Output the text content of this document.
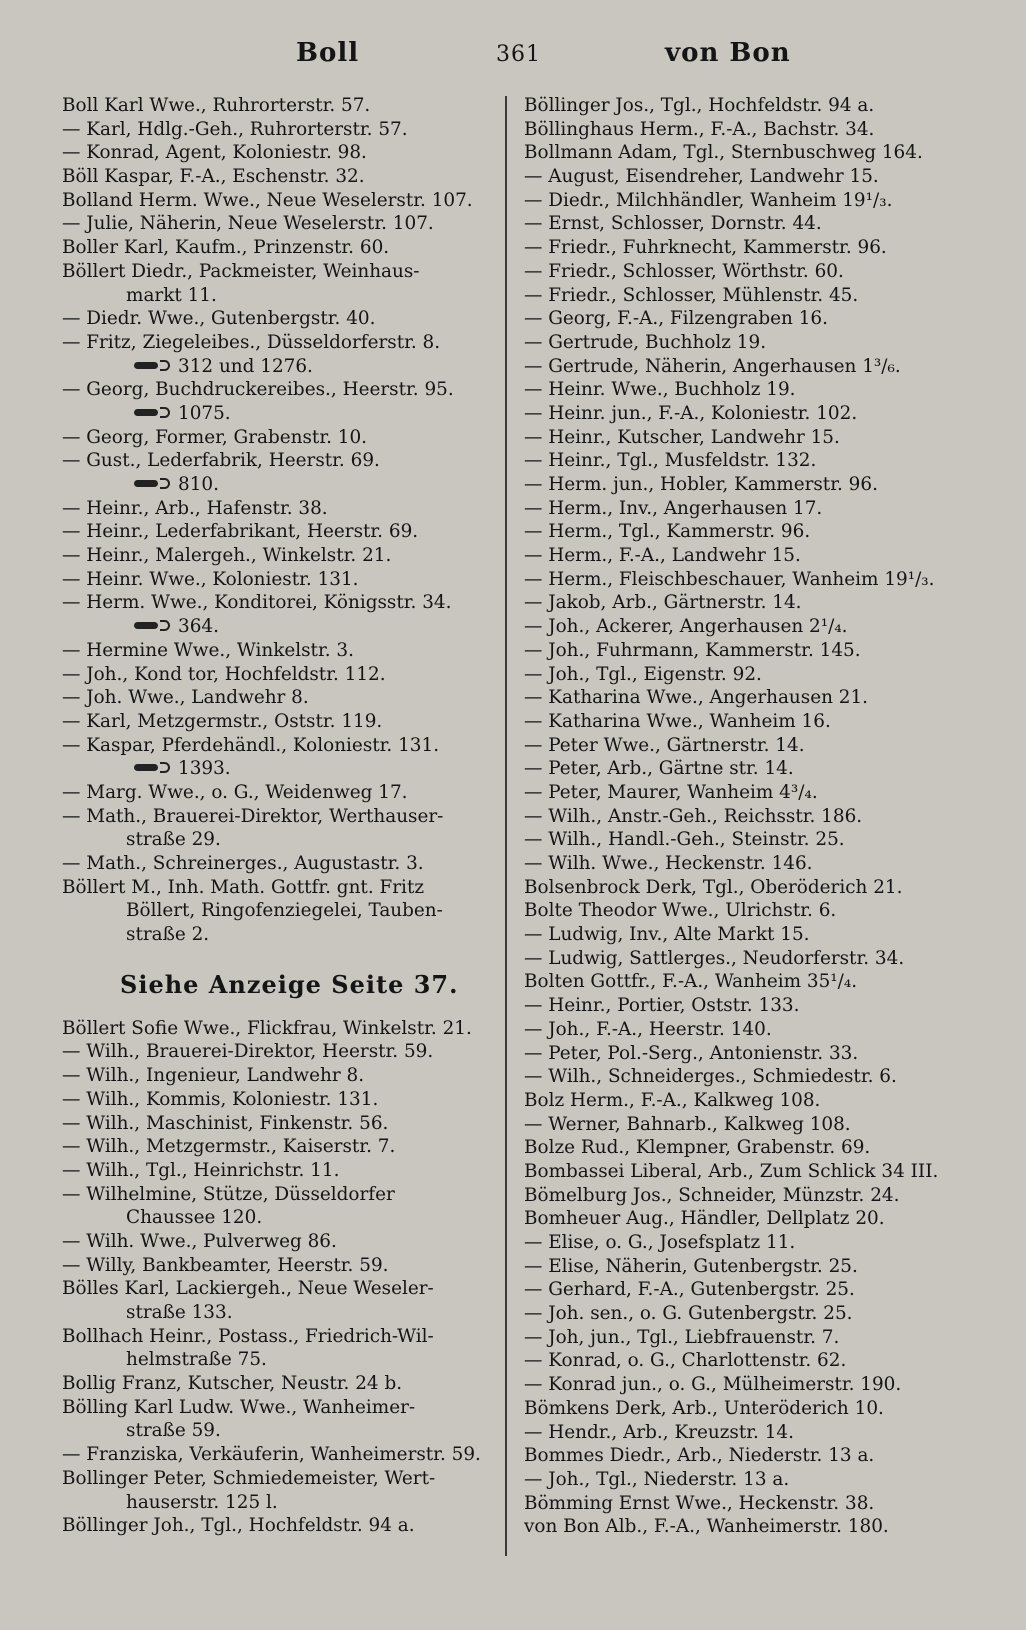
Boll	361	von Bon
Boll Karl Wwe., Ruhrorterstr. 57.
— Karl, Hdlg.-Geh., Ruhrorterstr. 57.
— Konrad, Agent, Koloniestr. 98.
Böll Kaspar, F.-A., Eschenstr. 32.
Bolland Herm. Wwe., Neue Weselerstr. 107.
— Julie, Näherin, Neue Weselerstr. 107.
Boller Karl, Kaufm., Prinzenstr. 60.
Böllert Diedr., Packmeister, Weinhaus-
markt 11.
— Diedr. Wwe., Gutenbergstr. 40.
— Fritz, Ziegeleibes., Düsseldorferstr. 8.
312 und 1276.
— Georg, Buchdruckereibes., Heerstr. 95.
1075.
— Georg, Former, Grabenstr. 10.
— Gust., Lederfabrik, Heerstr. 69.
810.
— Heinr., Arb., Hafenstr. 38.
— Heinr., Lederfabrikant, Heerstr. 69.
— Heinr., Malergeh., Winkelstr. 21.
— Heinr. Wwe., Koloniestr. 131.
— Herm. Wwe., Konditorei, Königsstr. 34.
364.
— Hermine Wwe., Winkelstr. 3.
— Joh., Kond tor, Hochfeldstr. 112.
— Joh. Wwe., Landwehr 8.
— Karl, Metzgermstr., Oststr. 119.
— Kaspar, Pferdehändl., Koloniestr. 131.
1393.
— Marg. Wwe., o. G., Weidenweg 17.
— Math., Brauerei-Direktor, Werthauser-
straße 29.
— Math., Schreinerges., Augustastr. 3.
Böllert M., Inh. Math. Gottfr. gnt. Fritz
Böllert, Ringofenziegelei, Tauben-
straße 2.
Siehe Anzeige Seite 37.
Böllert Sofie Wwe., Flickfrau, Winkelstr. 21.
— Wilh., Brauerei-Direktor, Heerstr. 59.
— Wilh., Ingenieur, Landwehr 8.
— Wilh., Kommis, Koloniestr. 131.
— Wilh., Maschinist, Finkenstr. 56.
— Wilh., Metzgermstr., Kaiserstr. 7.
— Wilh., Tgl., Heinrichstr. 11.
— Wilhelmine, Stütze, Düsseldorfer
Chaussee 120.
— Wilh. Wwe., Pulverweg 86.
— Willy, Bankbeamter, Heerstr. 59.
Bölles Karl, Lackiergeh., Neue Weseler-
straße 133.
Bollhach Heinr., Postass., Friedrich-Wil-
helmstraße 75.
Bollig Franz, Kutscher, Neustr. 24 b.
Bölling Karl Ludw. Wwe., Wanheimer-
straße 59.
— Franziska, Verkäuferin, Wanheimerstr. 59.
Bollinger Peter, Schmiedemeister, Wert-
hauserstr. 125 l.
Böllinger Joh., Tgl., Hochfeldstr. 94 a.
Böllinger Jos., Tgl., Hochfeldstr. 94 a.
Böllinghaus Herm., F.-A., Bachstr. 34.
Bollmann Adam, Tgl., Sternbuschweg 164.
— August, Eisendreher, Landwehr 15.
— Diedr., Milchhändler, Wanheim 19¹/₃.
— Ernst, Schlosser, Dornstr. 44.
— Friedr., Fuhrknecht, Kammerstr. 96.
— Friedr., Schlosser, Wörthstr. 60.
— Friedr., Schlosser, Mühlenstr. 45.
— Georg, F.-A., Filzengraben 16.
— Gertrude, Buchholz 19.
— Gertrude, Näherin, Angerhausen 1³/₆.
— Heinr. Wwe., Buchholz 19.
— Heinr. jun., F.-A., Koloniestr. 102.
— Heinr., Kutscher, Landwehr 15.
— Heinr., Tgl., Musfeldstr. 132.
— Herm. jun., Hobler, Kammerstr. 96.
— Herm., Inv., Angerhausen 17.
— Herm., Tgl., Kammerstr. 96.
— Herm., F.-A., Landwehr 15.
— Herm., Fleischbeschauer, Wanheim 19¹/₃.
— Jakob, Arb., Gärtnerstr. 14.
— Joh., Ackerer, Angerhausen 2¹/₄.
— Joh., Fuhrmann, Kammerstr. 145.
— Joh., Tgl., Eigenstr. 92.
— Katharina Wwe., Angerhausen 21.
— Katharina Wwe., Wanheim 16.
— Peter Wwe., Gärtnerstr. 14.
— Peter, Arb., Gärtne str. 14.
— Peter, Maurer, Wanheim 4³/₄.
— Wilh., Anstr.-Geh., Reichsstr. 186.
— Wilh., Handl.-Geh., Steinstr. 25.
— Wilh. Wwe., Heckenstr. 146.
Bolsenbrock Derk, Tgl., Oberöderich 21.
Bolte Theodor Wwe., Ulrichstr. 6.
— Ludwig, Inv., Alte Markt 15.
— Ludwig, Sattlerges., Neudorferstr. 34.
Bolten Gottfr., F.-A., Wanheim 35¹/₄.
— Heinr., Portier, Oststr. 133.
— Joh., F.-A., Heerstr. 140.
— Peter, Pol.-Serg., Antonienstr. 33.
— Wilh., Schneiderges., Schmiedestr. 6.
Bolz Herm., F.-A., Kalkweg 108.
— Werner, Bahnarb., Kalkweg 108.
Bolze Rud., Klempner, Grabenstr. 69.
Bombassei Liberal, Arb., Zum Schlick 34 III.
Bömelburg Jos., Schneider, Münzstr. 24.
Bomheuer Aug., Händler, Dellplatz 20.
— Elise, o. G., Josefsplatz 11.
— Elise, Näherin, Gutenbergstr. 25.
— Gerhard, F.-A., Gutenbergstr. 25.
— Joh. sen., o. G. Gutenbergstr. 25.
— Joh, jun., Tgl., Liebfrauenstr. 7.
— Konrad, o. G., Charlottenstr. 62.
— Konrad jun., o. G., Mülheimerstr. 190.
Bömkens Derk, Arb., Unteröderich 10.
— Hendr., Arb., Kreuzstr. 14.
Bommes Diedr., Arb., Niederstr. 13 a.
— Joh., Tgl., Niederstr. 13 a.
Bömming Ernst Wwe., Heckenstr. 38.
von Bon Alb., F.-A., Wanheimerstr. 180.
